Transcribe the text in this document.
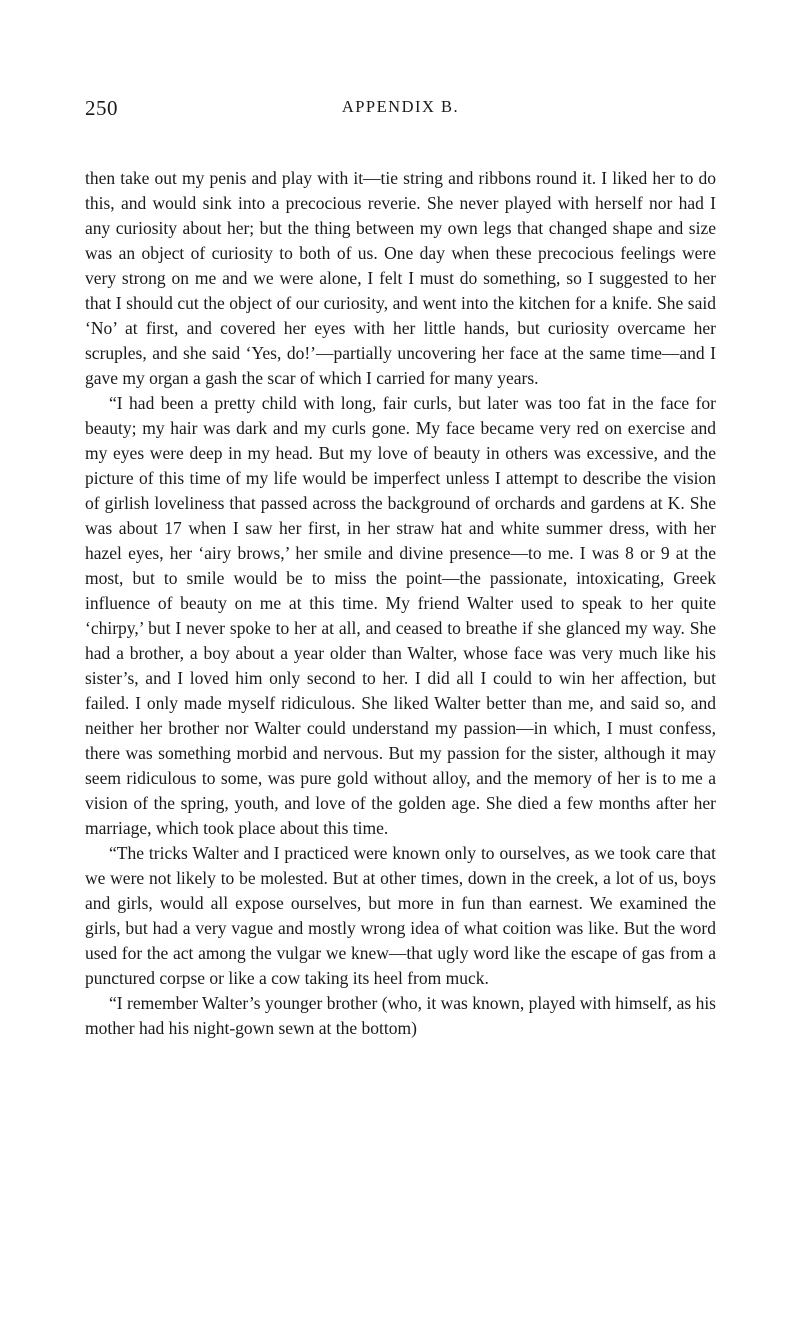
250	APPENDIX B.

then take out my penis and play with it—tie string and ribbons round it. I liked her to do this, and would sink into a precocious reverie. She never played with herself nor had I any curiosity about her; but the thing between my own legs that changed shape and size was an object of curiosity to both of us. One day when these precocious feelings were very strong on me and we were alone, I felt I must do something, so I suggested to her that I should cut the object of our curiosity, and went into the kitchen for a knife. She said ‘No’ at first, and covered her eyes with her little hands, but curiosity overcame her scruples, and she said ‘Yes, do!’—partially uncovering her face at the same time—and I gave my organ a gash the scar of which I carried for many years.

“I had been a pretty child with long, fair curls, but later was too fat in the face for beauty; my hair was dark and my curls gone. My face became very red on exercise and my eyes were deep in my head. But my love of beauty in others was excessive, and the picture of this time of my life would be imperfect unless I attempt to describe the vision of girlish loveliness that passed across the background of orchards and gardens at K. She was about 17 when I saw her first, in her straw hat and white summer dress, with her hazel eyes, her ‘airy brows,’ her smile and divine presence—to me. I was 8 or 9 at the most, but to smile would be to miss the point—the passionate, intoxicating, Greek influence of beauty on me at this time. My friend Walter used to speak to her quite ‘chirpy,’ but I never spoke to her at all, and ceased to breathe if she glanced my way. She had a brother, a boy about a year older than Walter, whose face was very much like his sister’s, and I loved him only second to her. I did all I could to win her affection, but failed. I only made myself ridiculous. She liked Walter better than me, and said so, and neither her brother nor Walter could understand my passion—in which, I must confess, there was something morbid and nervous. But my passion for the sister, although it may seem ridiculous to some, was pure gold without alloy, and the memory of her is to me a vision of the spring, youth, and love of the golden age. She died a few months after her marriage, which took place about this time.

“The tricks Walter and I practiced were known only to ourselves, as we took care that we were not likely to be molested. But at other times, down in the creek, a lot of us, boys and girls, would all expose ourselves, but more in fun than earnest. We examined the girls, but had a very vague and mostly wrong idea of what coition was like. But the word used for the act among the vulgar we knew—that ugly word like the escape of gas from a punctured corpse or like a cow taking its heel from muck.

“I remember Walter’s younger brother (who, it was known, played with himself, as his mother had his night-gown sewn at the bottom)
